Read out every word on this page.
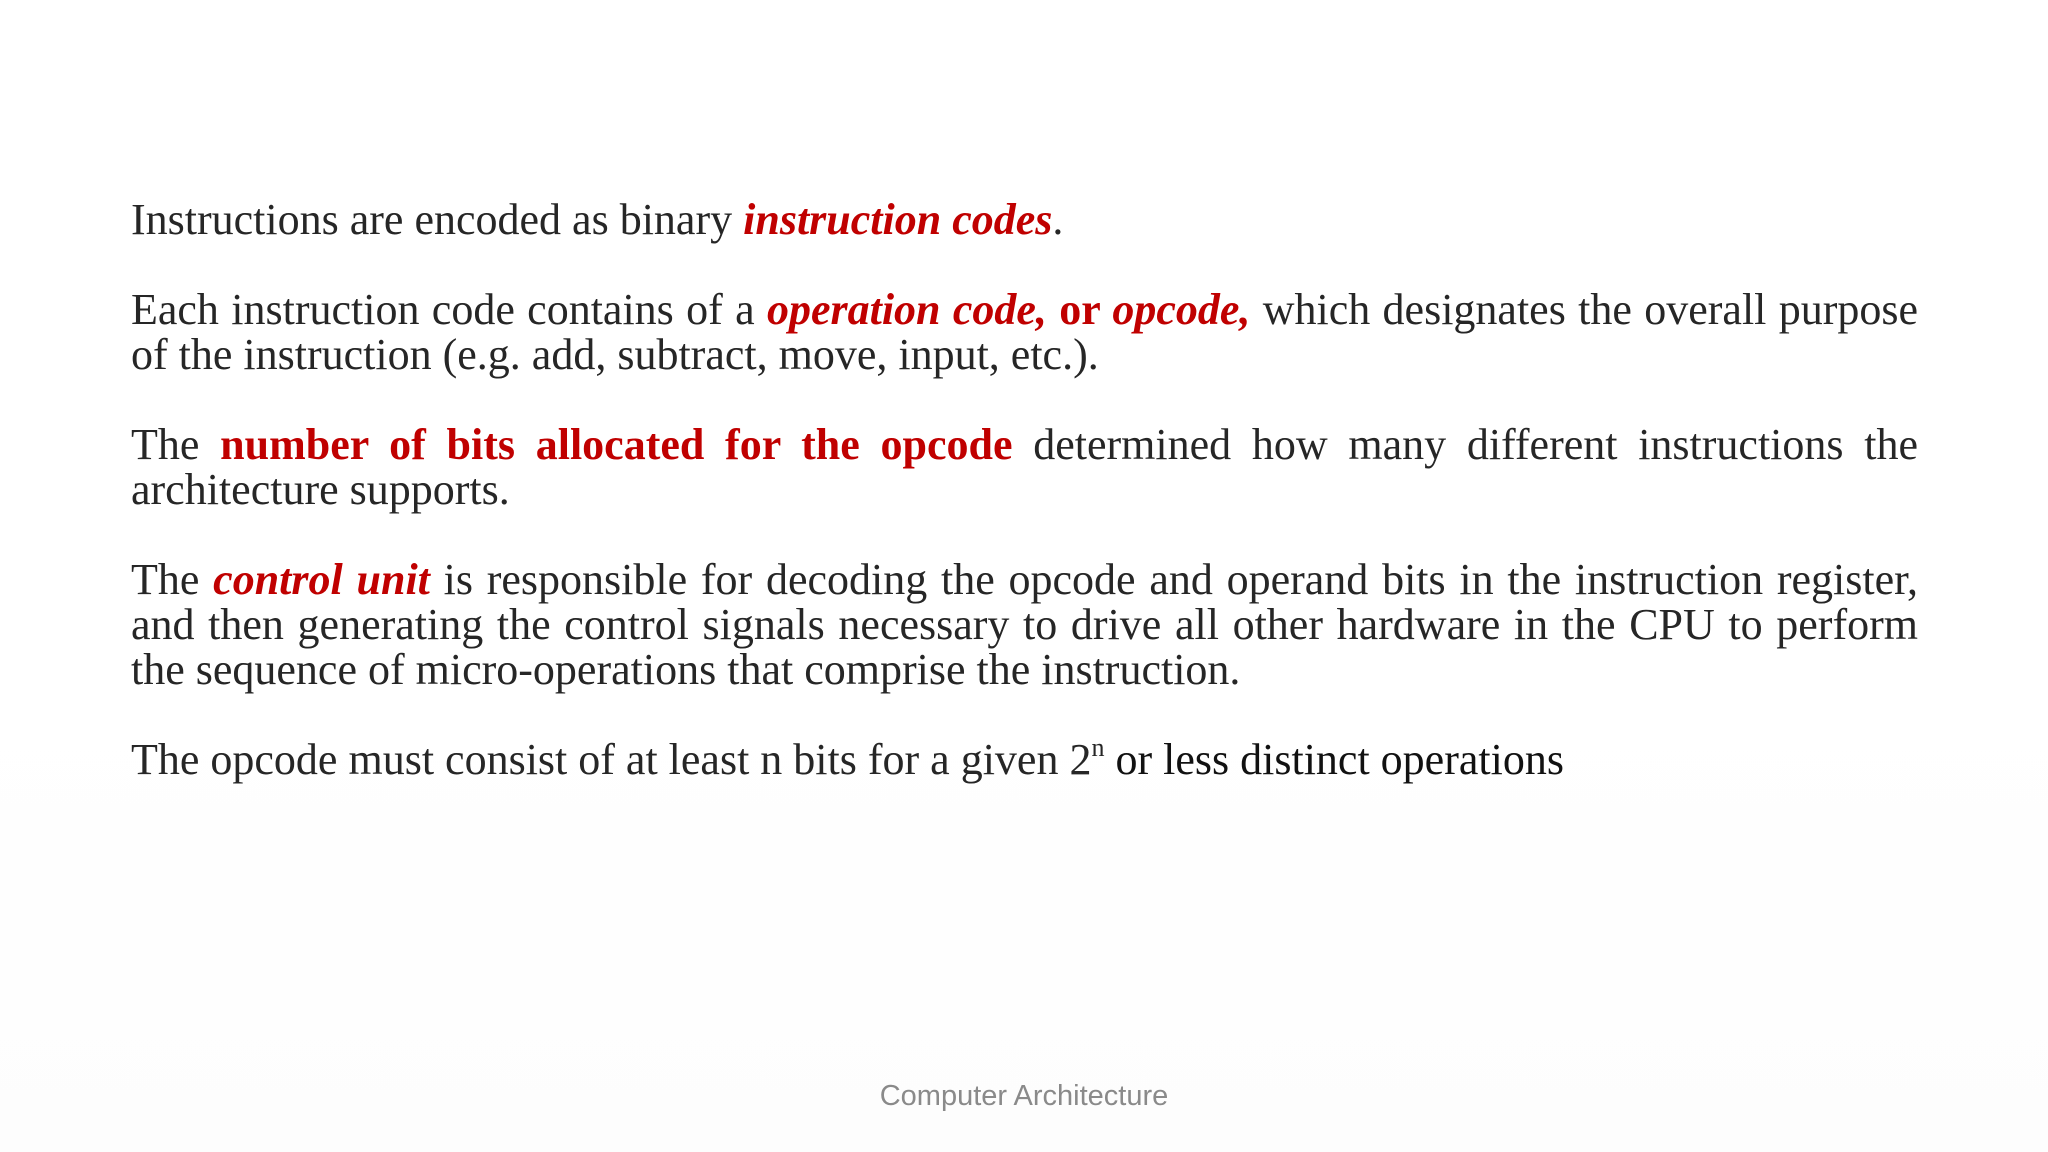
Instructions are encoded as binary instruction codes.

Each instruction code contains of a operation code, or opcode, which designates the overall purpose of the instruction (e.g. add, subtract, move, input, etc.).

The number of bits allocated for the opcode determined how many different instructions the architecture supports.

The control unit is responsible for decoding the opcode and operand bits in the instruction register, and then generating the control signals necessary to drive all other hardware in the CPU to perform the sequence of micro-operations that comprise the instruction.

The opcode must consist of at least n bits for a given 2$^n$ or less distinct operations

Computer Architecture
